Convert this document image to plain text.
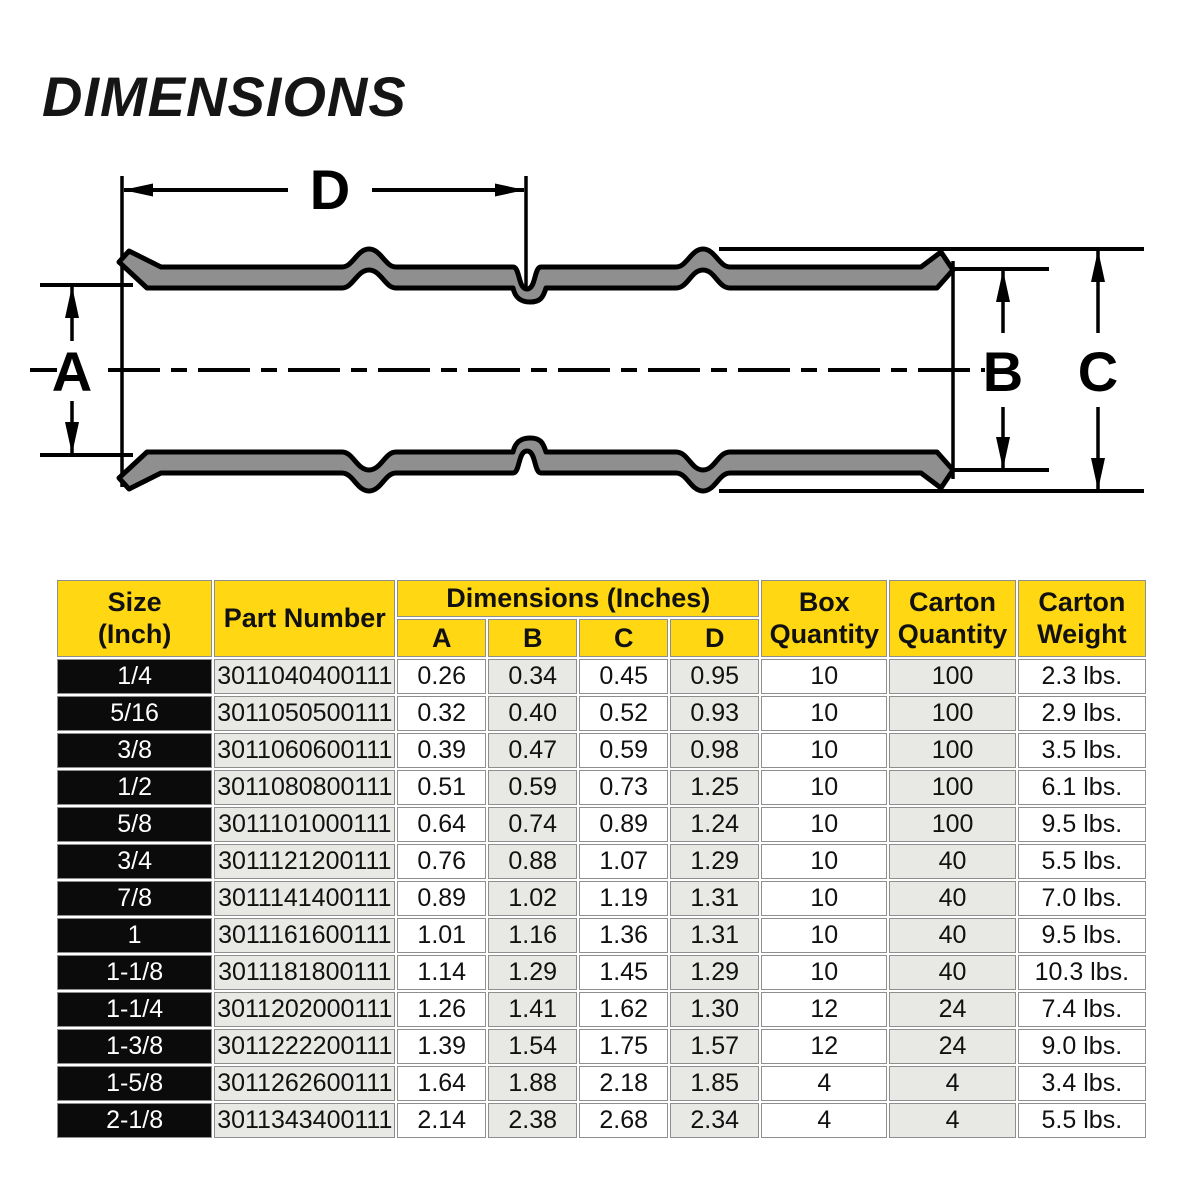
DIMENSIONS
D
A	B C
Size
(Inch)
	Part Number	Dimensions (Inches)	Box
Quantity

Carton
Quantity

Carton
Weight

		A	B	C	D			
1/4	3011040400111	0.26	0.34	0.45	0.95	10	100	2.3 lbs.
5/16	3011050500111	0.32	0.40	0.52	0.93	10	100	2.9 lbs.
3/8	3011060600111	0.39	0.47	0.59	0.98	10	100	3.5 lbs.
1/2	3011080800111	0.51	0.59	0.73	1.25	10	100	6.1 lbs.
5/8	3011101000111	0.64	0.74	0.89	1.24	10	100	9.5 lbs.
3/4	3011121200111	0.76	0.88	1.07	1.29	10	40	5.5 lbs.
7/8	3011141400111	0.89	1.02	1.19	1.31	10	40	7.0 lbs.
1	3011161600111	1.01	1.16	1.36	1.31	10	40	9.5 lbs.
1-1/8	3011181800111	1.14	1.29	1.45	1.29	10	40	10.3 lbs.
1-1/4	3011202000111	1.26	1.41	1.62	1.30	12	24	7.4 lbs.
1-3/8	3011222200111	1.39	1.54	1.75	1.57	12	24	9.0 lbs.
1-5/8	3011262600111	1.64	1.88	2.18	1.85	4	4	3.4 lbs.
2-1/8	3011343400111	2.14	2.38	2.68	2.34	4	4	5.5 lbs.
